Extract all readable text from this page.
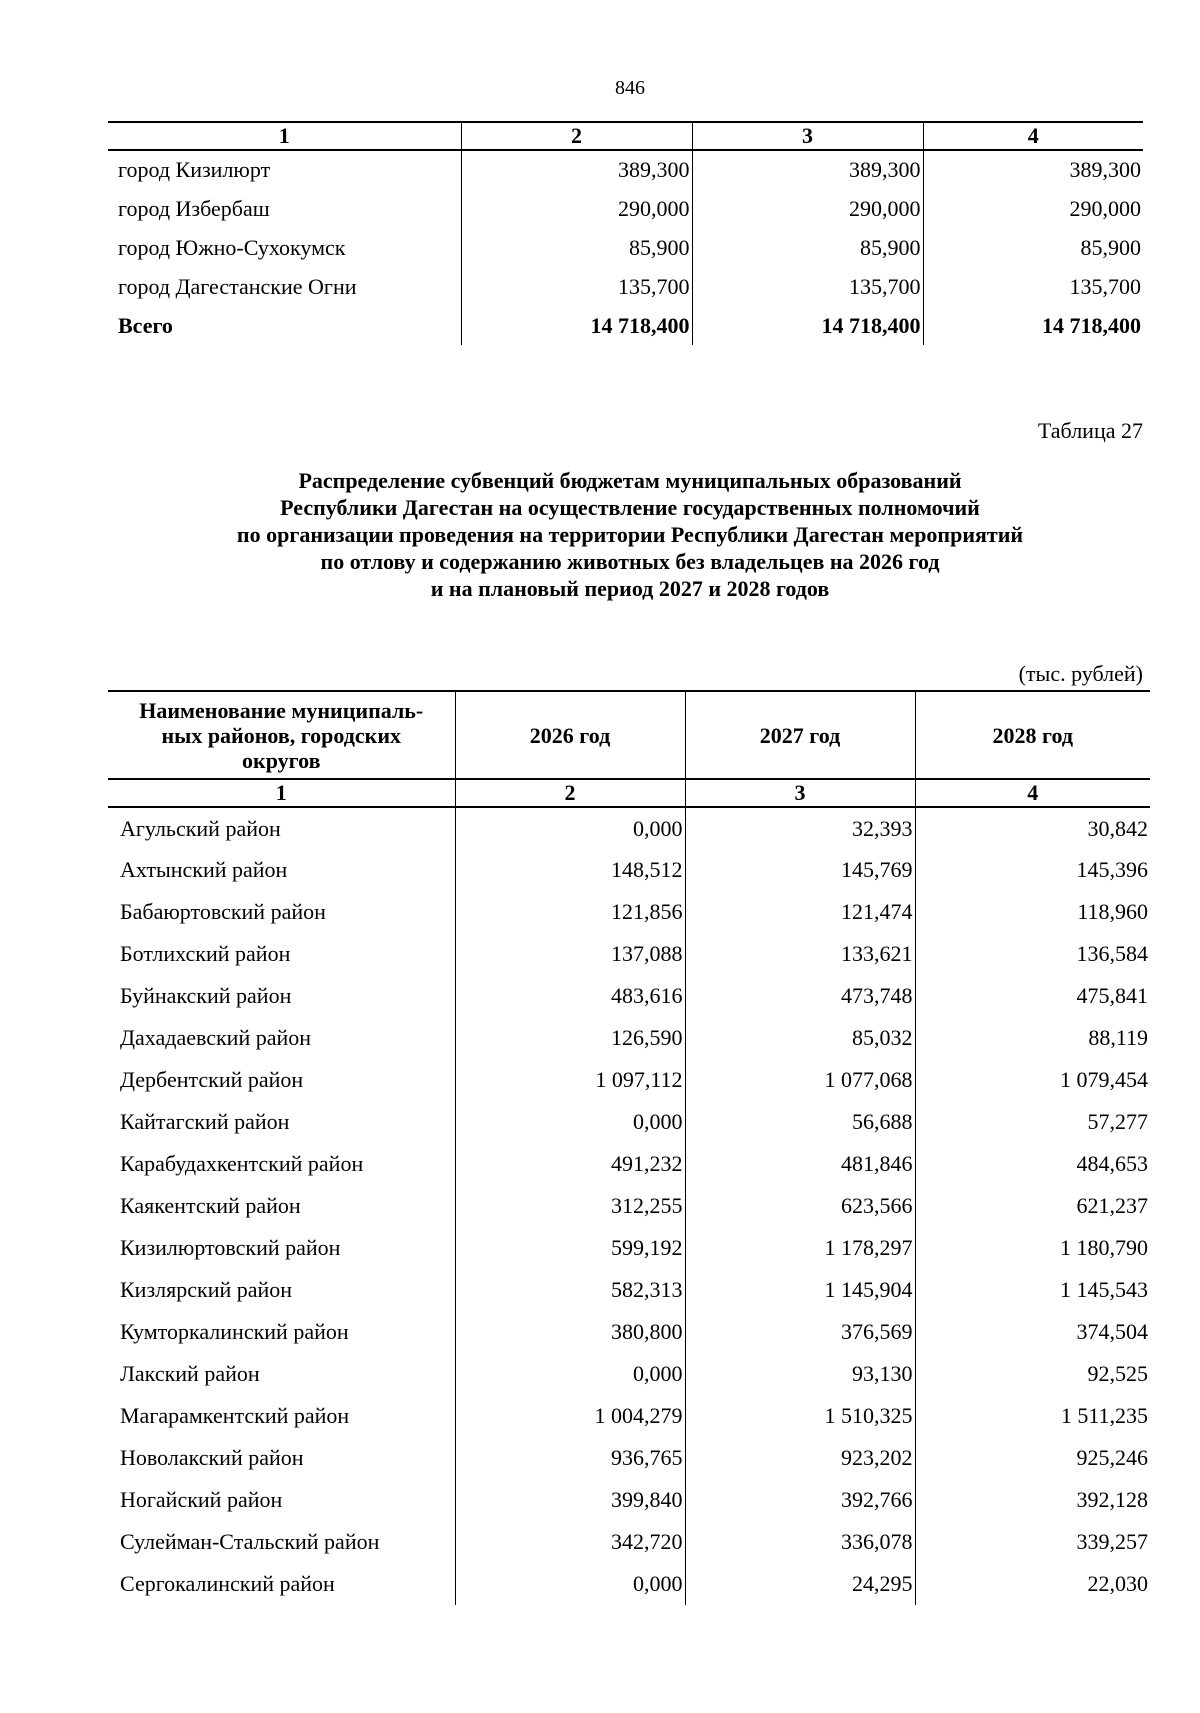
846
1	2	3	4
город Кизилюрт	389,300	389,300	389,300
город Избербаш	290,000	290,000	290,000
город Южно-Сухокумск	85,900	85,900	85,900
город Дагестанские Огни	135,700	135,700	135,700
Всего	14 718,400	14 718,400	14 718,400
Таблица 27
Распределение субвенций бюджетам муниципальных образований
Республики Дагестан на осуществление государственных полномочий
по организации проведения на территории Республики Дагестан мероприятий
по отлову и содержанию животных без владельцев на 2026 год
и на плановый период 2027 и 2028 годов
(тыс. рублей)
Наименование муниципаль-
ных районов, городских
округов	2026 год	2027 год	2028 год
1	2	3	4
Агульский район	0,000	32,393	30,842
Ахтынский район	148,512	145,769	145,396
Бабаюртовский район	121,856	121,474	118,960
Ботлихский район	137,088	133,621	136,584
Буйнакский район	483,616	473,748	475,841
Дахадаевский район	126,590	85,032	88,119
Дербентский район	1 097,112	1 077,068	1 079,454
Кайтагский район	0,000	56,688	57,277
Карабудахкентский район	491,232	481,846	484,653
Каякентский район	312,255	623,566	621,237
Кизилюртовский район	599,192	1 178,297	1 180,790
Кизлярский район	582,313	1 145,904	1 145,543
Кумторкалинский район	380,800	376,569	374,504
Лакский район	0,000	93,130	92,525
Магарамкентский район	1 004,279	1 510,325	1 511,235
Новолакский район	936,765	923,202	925,246
Ногайский район	399,840	392,766	392,128
Сулейман-Стальский район	342,720	336,078	339,257
Сергокалинский район	0,000	24,295	22,030
